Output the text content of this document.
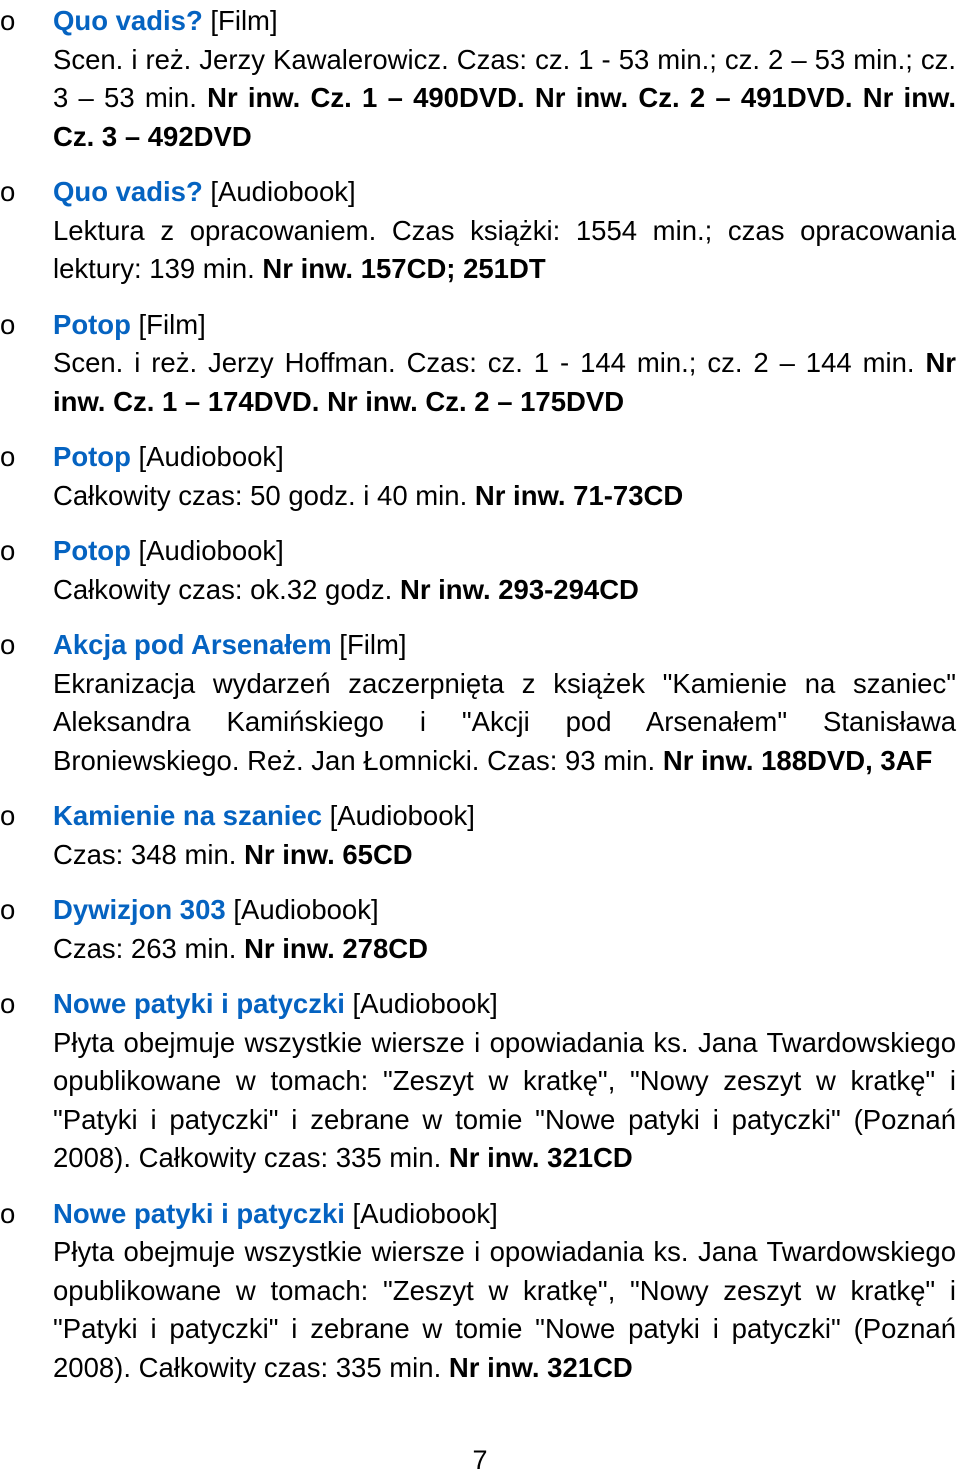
o Quo vadis? [Film]
Scen. i reż. Jerzy Kawalerowicz. Czas: cz. 1 - 53 min.; cz. 2 – 53 min.; cz. 3 – 53 min. Nr inw. Cz. 1 – 490DVD. Nr inw. Cz. 2 – 491DVD. Nr inw. Cz. 3 – 492DVD
o Quo vadis? [Audiobook]
Lektura z opracowaniem. Czas książki: 1554 min.; czas opracowania lektury: 139 min. Nr inw. 157CD; 251DT
o Potop [Film]
Scen. i reż. Jerzy Hoffman. Czas: cz. 1 - 144 min.; cz. 2 – 144 min. Nr inw. Cz. 1 – 174DVD. Nr inw. Cz. 2 – 175DVD
o Potop [Audiobook]
Całkowity czas: 50 godz. i 40 min. Nr inw. 71-73CD
o Potop [Audiobook]
Całkowity czas: ok.32 godz. Nr inw. 293-294CD
o Akcja pod Arsenałem [Film]
Ekranizacja wydarzeń zaczerpnięta z książek "Kamienie na szaniec" Aleksandra Kamińskiego i "Akcji pod Arsenałem" Stanisława Broniewskiego. Reż. Jan Łomnicki. Czas: 93 min. Nr inw. 188DVD, 3AF
o Kamienie na szaniec [Audiobook]
Czas: 348 min. Nr inw. 65CD
o Dywizjon 303 [Audiobook]
Czas: 263 min. Nr inw. 278CD
o Nowe patyki i patyczki [Audiobook]
Płyta obejmuje wszystkie wiersze i opowiadania ks. Jana Twardowskiego opublikowane w tomach: "Zeszyt w kratkę", "Nowy zeszyt w kratkę" i "Patyki i patyczki" i zebrane w tomie "Nowe patyki i patyczki" (Poznań 2008). Całkowity czas: 335 min. Nr inw. 321CD
o Nowe patyki i patyczki [Audiobook]
Płyta obejmuje wszystkie wiersze i opowiadania ks. Jana Twardowskiego opublikowane w tomach: "Zeszyt w kratkę", "Nowy zeszyt w kratkę" i "Patyki i patyczki" i zebrane w tomie "Nowe patyki i patyczki" (Poznań 2008). Całkowity czas: 335 min. Nr inw. 321CD
7
